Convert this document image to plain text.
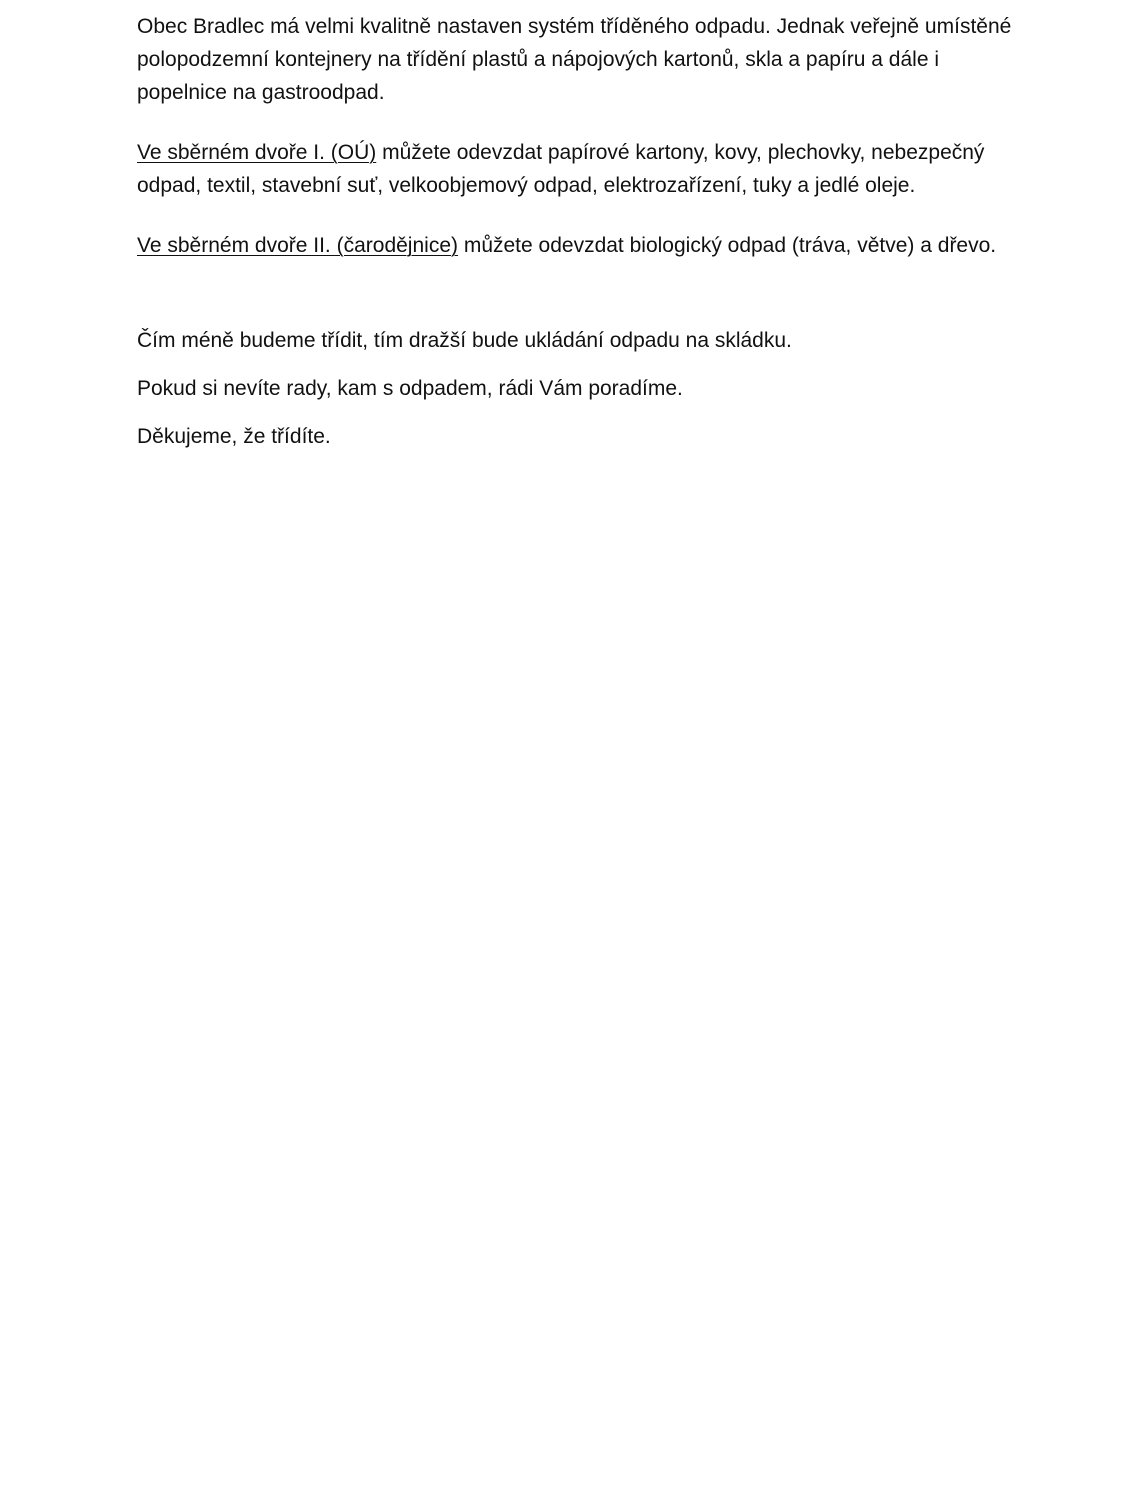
Obec Bradlec má velmi kvalitně nastaven systém tříděného odpadu. Jednak veřejně umístěné polopodzemní kontejnery na třídění plastů a nápojových kartonů, skla a papíru a dále i popelnice na gastroodpad.

Ve sběrném dvoře I. (OÚ) můžete odevzdat papírové kartony, kovy, plechovky, nebezpečný odpad, textil, stavební suť, velkoobjemový odpad, elektrozařízení, tuky a jedlé oleje.

Ve sběrném dvoře II. (čarodějnice) můžete odevzdat biologický odpad (tráva, větve) a dřevo.

Čím méně budeme třídit, tím dražší bude ukládání odpadu na skládku.

Pokud si nevíte rady, kam s odpadem, rádi Vám poradíme.

Děkujeme, že třídíte.
